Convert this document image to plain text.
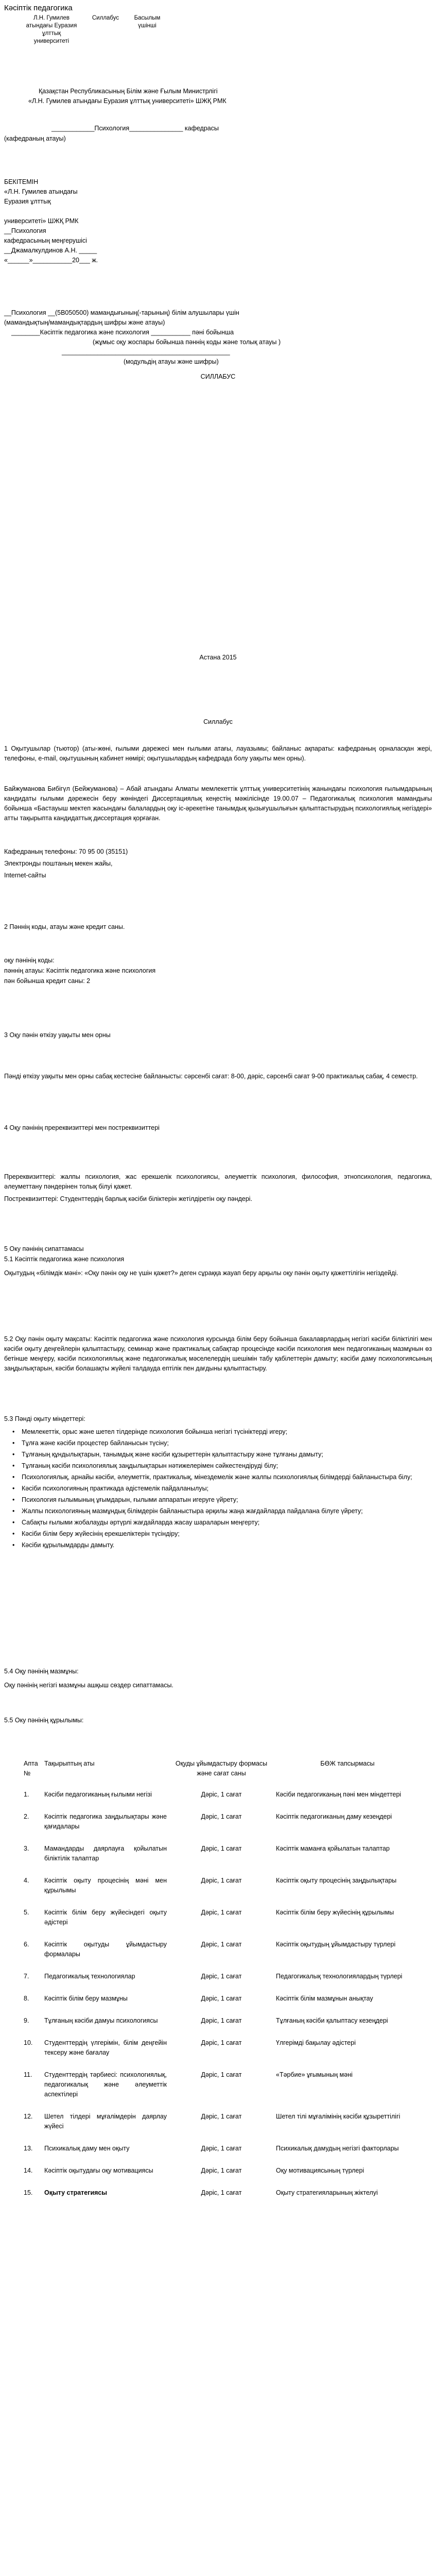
Кәсіптік педагогика
Л.Н. Гумилев атындағы Еуразия ұлттық университеті	Силлабус	Басылым үшінші
Қазақстан Республикасының Білім және Ғылым Министрлігі
«Л.Н. Гумилев атындағы Еуразия ұлттық университеті» ШЖҚ РМК
____________Психология_______________ кафедрасы
(кафедраның атауы)
БЕКІТЕМІН
«Л.Н. Гумилев атындағы
Еуразия ұлттық
университеті» ШЖҚ РМК
__Психология
кафедрасының меңгерушісі
__Джамалкулдинов А.Н. _____
«______»___________20___ ж.
__Психология __(5В050500) мамандығының(-тарының) білім алушылары үшін
(мамандықтың/мамандықтардың шифры және атауы)
________Кәсіптік педагогика және психология ___________ пәні бойынша
(жұмыс оқу жоспары бойынша пәннің коды және толық атауы )
_______________________________________________
(модульдің атауы және шифры)
СИЛЛАБУС
Астана 2015
Силлабус
1 Оқытушылар (тьютор) (аты-жөні, ғылыми дәрежесі мен ғылыми атағы, лауазымы; байланыс ақпараты: кафедраның орналасқан жері, телефоны, e-mail, оқытушының кабинет нөмірі; оқытушылардың кафедрада болу уақыты мен орны).
Байжуманова Бибігүл (Бейжуманова) – Абай атындағы Алматы мемлекеттік ұлттық университетінің жанындағы психология ғылымдарының кандидаты ғылыми дәрежесін беру жөніндегі Диссертациялық кеңестің мәжілісінде 19.00.07 – Педагогикалық психология мамандығы бойынша «Бастауыш мектеп жасындағы балалардың оқу іс-әрекетіне танымдық қызығушылығын қалыптастырудың психологиялық негіздері» атты тақырыпта кандидаттық диссертация қорғаған.
Кафедраның телефоны: 70 95 00 (35151)
Электронды поштаның мекен жайы,
Internet-сайты
2 Пәннің коды, атауы және кредит саны.
оқу пәнінің коды:
пәннің атауы: Кәсіптік педагогика және психология
пән бойынша кредит саны: 2
3 Оқу пәнін өткізу уақыты мен орны
Пәнді өткізу уақыты мен орны сабақ кестесіне байланысты: сәрсенбі сағат: 8-00, дәріс, сәрсенбі сағат 9-00 практикалық сабақ, 4 семестр.
4 Оқу пәнінің пререквизиттері мен постреквизиттері
Пререквизиттері: жалпы психология, жас ерекшелік психологиясы, әлеуметтік психология, философия, этнопсихология, педагогика, әлеуметтану пәндерінен толық білуі қажет.
Постреквизиттері: Студенттердің барлық кәсіби біліктерін жетілдіретін оқу пәндері.
5 Оку пәнінің сипаттамасы
5.1 Кәсіптік педагогика және психология
Оқытудың «білімдік мәні»: «Оқу пәнін оқу не үшін қажет?» деген сұраққа жауап беру арқылы оқу пәнін оқыту қажеттілігін негіздейді.
5.2 Оқу пәнін оқыту мақсаты: Кәсіптік педагогика және психология курсында білім беру бойынша бакалаврлардың негізгі кәсіби біліктілігі мен кәсіби оқыту деңгейлерін қалыптастыру, семинар және практикалық сабақтар процесінде кәсіби психология мен педагогиканың мазмұнын өз бетінше меңгеру, кәсіби психологиялық және педагогикалық мәселелердің шешімін табу қабілеттерін дамыту; кәсіби даму психологиясының заңдылықтарын, кәсіби болашақты жүйелі талдауда ептілік пен дағдыны қалыптастыру.
5.3 Пәнді оқыту міндеттері:
• Мемлекеттік, орыс және шетел тілдерінде психология бойынша негізгі түсініктерді игеру;
• Тұлға және кәсіби процестер байланысын түсіну;
• Тұлғаның құндылықтарын, танымдық және кәсіби құзыреттерін қалыптастыру және тұлғаны дамыту;
• Тұлғаның кәсіби психологиялық заңдылықтарын нәтижелерімен сәйкестендіруді білу;
• Психологиялық, арнайы кәсіби, әлеуметтік, практикалық, мінездемелік және жалпы психологиялық білімдерді байланыстыра білу;
• Кәсіби психологияның практикада әдістемелік пайдаланылуы;
• Психология ғылымының ұғымдарын, ғылыми аппаратын игеруге үйрету;
• Жалпы психологияның мазмұндық білімдерін байланыстыра әрқилы жаңа жағдайларда пайдалана білуге үйрету;
• Сабақты ғылыми жобалауды әртүрлі жағдайларда жасау шараларын меңгерту;
• Кәсіби білім беру жүйесінің ерекшеліктерін түсіндіру;
• Кәсіби құрылымдарды дамыту.
5.4 Оқу пәнінің мазмұны:
Оқу пәнінің негізгі мазмұны ашқыш сөздер сипаттамасы.
5.5 Оку пәнінің құрылымы:
Апта №	Тақырыптың аты	Оқуды ұйымдастыру формасы және сағат саны	БӨЖ тапсырмасы
1.	Кәсіби педагогиканың ғылыми негізі	Дәріс, 1 сағат	Кәсіби педагогиканың пәні мен міндеттері
2.	Кәсіптік педагогика заңдылықтары және қағидалары	Дәріс, 1 сағат	Кәсіптік педагогиканың даму кезеңдері
3.	Мамандарды даярлауға қойылатын біліктілік талаптар	Дәріс, 1 сағат	Кәсіптік маманға қойылатын талаптар
4.	Кәсіптік оқыту процесінің мәні мен құрылымы	Дәріс, 1 сағат	Кәсіптік оқыту процесінің заңдылықтары
5.	Кәсіптік білім беру жүйесіндегі оқыту әдістері	Дәріс, 1 сағат	Кәсіптік білім беру жүйесінің құрылымы
6.	Кәсіптік оқытуды ұйымдастыру формалары	Дәріс, 1 сағат	Кәсіптік оқытудың ұйымдастыру түрлері
7.	Педагогикалық технологиялар	Дәріс, 1 сағат	Педагогикалық технологиялардың түрлері
8.	Кәсіптік білім беру мазмұны	Дәріс, 1 сағат	Кәсіптік білім мазмұнын анықтау
9.	Тұлғаның кәсіби дамуы психологиясы	Дәріс, 1 сағат	Тұлғаның кәсіби қалыптасу кезеңдері
10.	Студенттердің үлгерімін, білім деңгейін тексеру және бағалау	Дәріс, 1 сағат	Үлгерімді бақылау әдістері
11.	Студенттердің тәрбиесі: психологиялық, педагогикалық және әлеуметтік аспектілері	Дәріс, 1 сағат	«Тәрбие» ұғымының мәні
12.	Шетел тілдері мұғалімдерін даярлау жүйесі	Дәріс, 1 сағат	Шетел тілі мұғалімінің кәсіби құзыреттілігі
13.	Психикалық даму мен оқыту	Дәріс, 1 сағат	Психикалық дамудың негізгі факторлары
14.	Кәсіптік оқытудағы оқу мотивациясы	Дәріс, 1 сағат	Оқу мотивациясының түрлері
15.	Оқыту стратегиясы	Дәріс, 1 сағат	Оқыту стратегияларының жіктелуі
